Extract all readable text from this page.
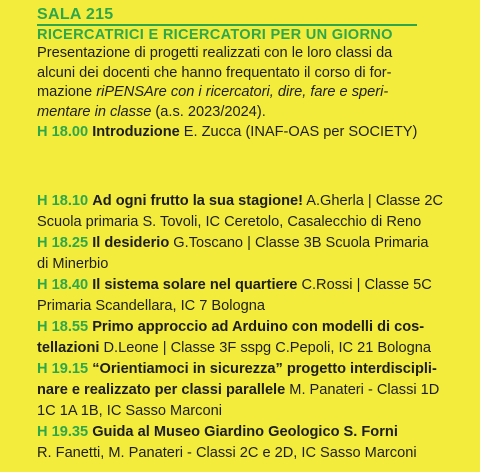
SALA 215
RICERCATRICI E RICERCATORI PER UN GIORNO
Presentazione di progetti realizzati con le loro classi da
alcuni dei docenti che hanno frequentato il corso di for-
mazione riPENSAre con i ricercatori, dire, fare e speri-
mentare in classe (a.s. 2023/2024).
H 18.00 Introduzione E. Zucca (INAF-OAS per SOCIETY)
H 18.10 Ad ogni frutto la sua stagione! A.Gherla | Classe 2C
Scuola primaria S. Tovoli, IC Ceretolo, Casalecchio di Reno
H 18.25 Il desiderio G.Toscano | Classe 3B Scuola Primaria
di Minerbio
H 18.40 Il sistema solare nel quartiere C.Rossi | Classe 5C
Primaria Scandellara, IC 7 Bologna
H 18.55 Primo approccio ad Arduino con modelli di cos-
tellazioni D.Leone | Classe 3F sspg C.Pepoli, IC 21 Bologna
H 19.15 “Orientiamoci in sicurezza” progetto interdiscipli-
nare e realizzato per classi parallele M. Panateri - Classi 1D
1C 1A 1B, IC Sasso Marconi
H 19.35 Guida al Museo Giardino Geologico S. Forni
R. Fanetti, M. Panateri - Classi 2C e 2D, IC Sasso Marconi
